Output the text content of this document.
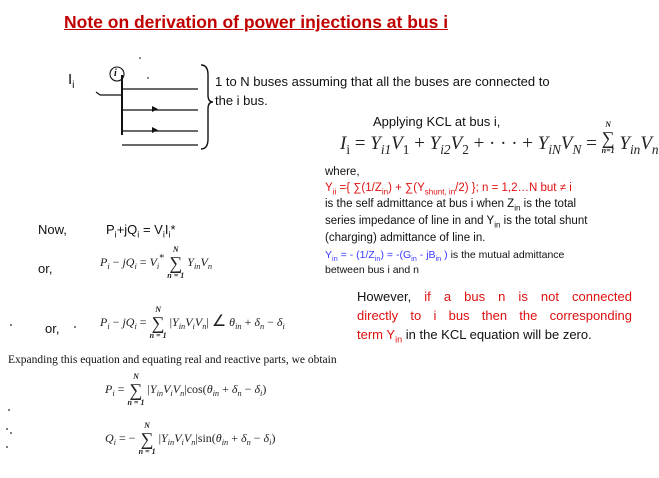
Note on derivation of power injections at bus i
$I_i$
i
1 to N buses assuming that all the buses are connected to
the i bus.
Applying KCL at bus i,
$I_i = Y_{i1}V_1 + Y_{i2}V_2$ + · · · + $Y_{iN}V_N$ =
N
∑
n=1 $Y_{in}V_n$
where,
$Y_{ii}$ ={ $\sum(1/Z_{in}) + \sum(Y_{shunt, in}/2)$ }; n = 1,2…N but ≠ i
is the self admittance at bus i when $Z_{in}$ is the total
series impedance of line in and $Y_{in}$ is the total shunt
(charging) admittance of line in.
$Y_{in}$ = - $(1/Z_{in}) = -(G_{in} - jB_{in}$ ) is the mutual admittance
between bus i and n
However, if a bus n is not connected
directly to i bus then the corresponding
term $Y_{in}$ in the KCL equation will be zero.
Now,	$P_i+jQ_i = V_iI_i*$
or,	$P_i - jQ_i = V_i^*$
N
∑
n = 1
$Y_{in}V_n$
or,	$P_i - jQ_i$ =
N
∑
n = 1
$|Y_{in}V_iV_n|$ ∠ $\theta_{in} + \delta_n - \delta_i$
Expanding this equation and equating real and reactive parts, we obtain
$P_i$ =
N
∑
n = 1
$|Y_{in}V_iV_n|\cos(\theta_{in} + \delta_n - \delta_i)$
$Q_i$ = −
N
∑
n = 1
$|Y_{in}V_iV_n|\sin(\theta_{in} + \delta_n - \delta_i)$
